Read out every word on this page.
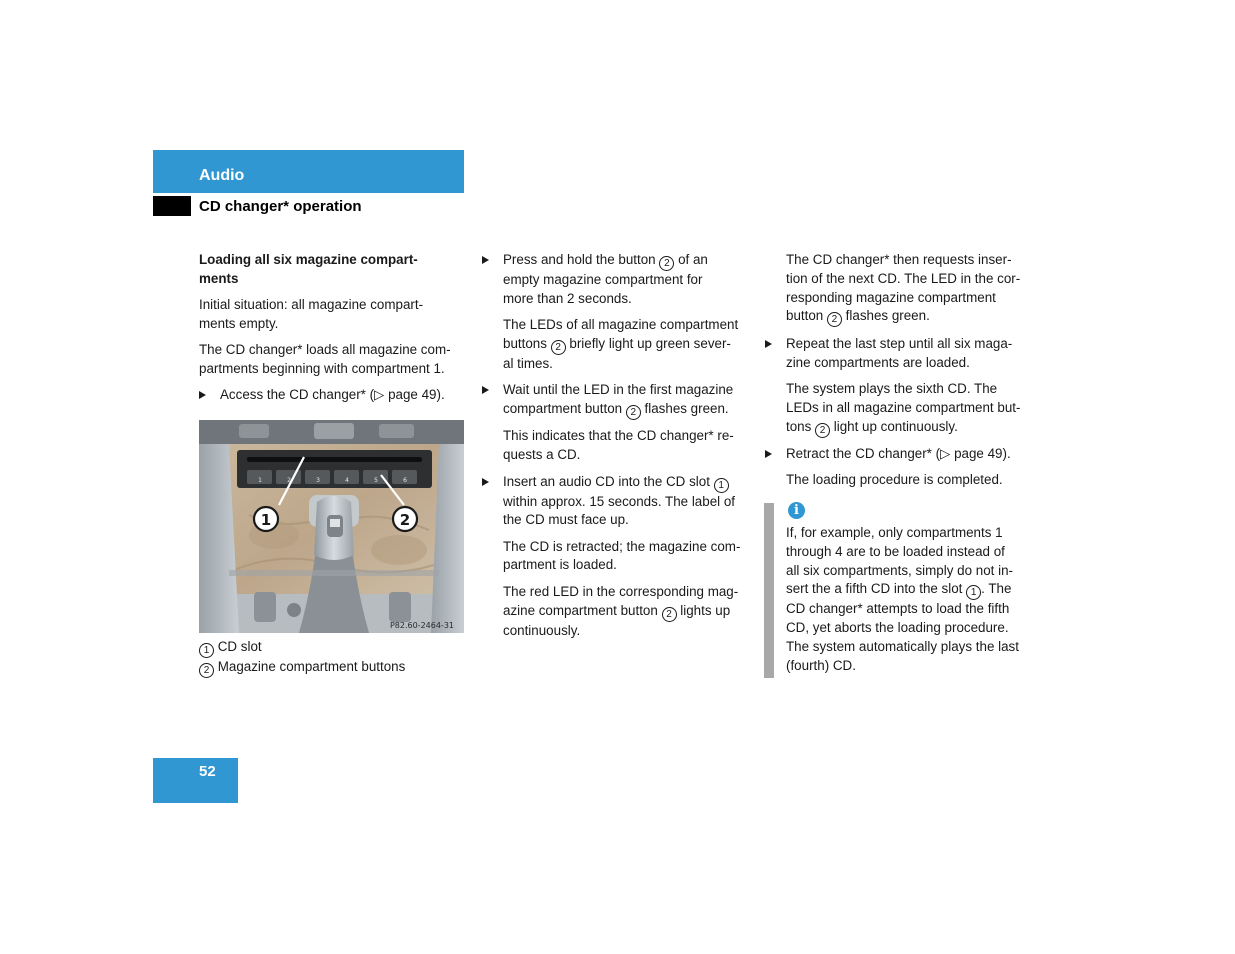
Audio
CD changer* operation

Loading all six magazine compart-
ments

Initial situation: all magazine compart-
ments empty.

The CD changer* loads all magazine com-
partments beginning with compartment 1.

Access the CD changer* (▷ page 49).

1	2	3	4	5	6
1	2
P82.60-2464-31
1 CD slot
2 Magazine compartment buttons

Press and hold the button 2 of an
empty magazine compartment for
more than 2 seconds.

The LEDs of all magazine compartment
buttons 2 briefly light up green sever-
al times.

Wait until the LED in the first magazine
compartment button 2 flashes green.

This indicates that the CD changer* re-
quests a CD.

Insert an audio CD into the CD slot 1
within approx. 15 seconds. The label of
the CD must face up.

The CD is retracted; the magazine com-
partment is loaded.

The red LED in the corresponding mag-
azine compartment button 2 lights up
continuously.

The CD changer* then requests inser-
tion of the next CD. The LED in the cor-
responding magazine compartment
button 2 flashes green.

Repeat the last step until all six maga-
zine compartments are loaded.

The system plays the sixth CD. The
LEDs in all magazine compartment but-
tons 2 light up continuously.

Retract the CD changer* (▷ page 49).

The loading procedure is completed.

i

If, for example, only compartments 1
through 4 are to be loaded instead of
all six compartments, simply do not in-
sert the a fifth CD into the slot 1 . The
CD changer* attempts to load the fifth
CD, yet aborts the loading procedure.
The system automatically plays the last
(fourth) CD.

52
